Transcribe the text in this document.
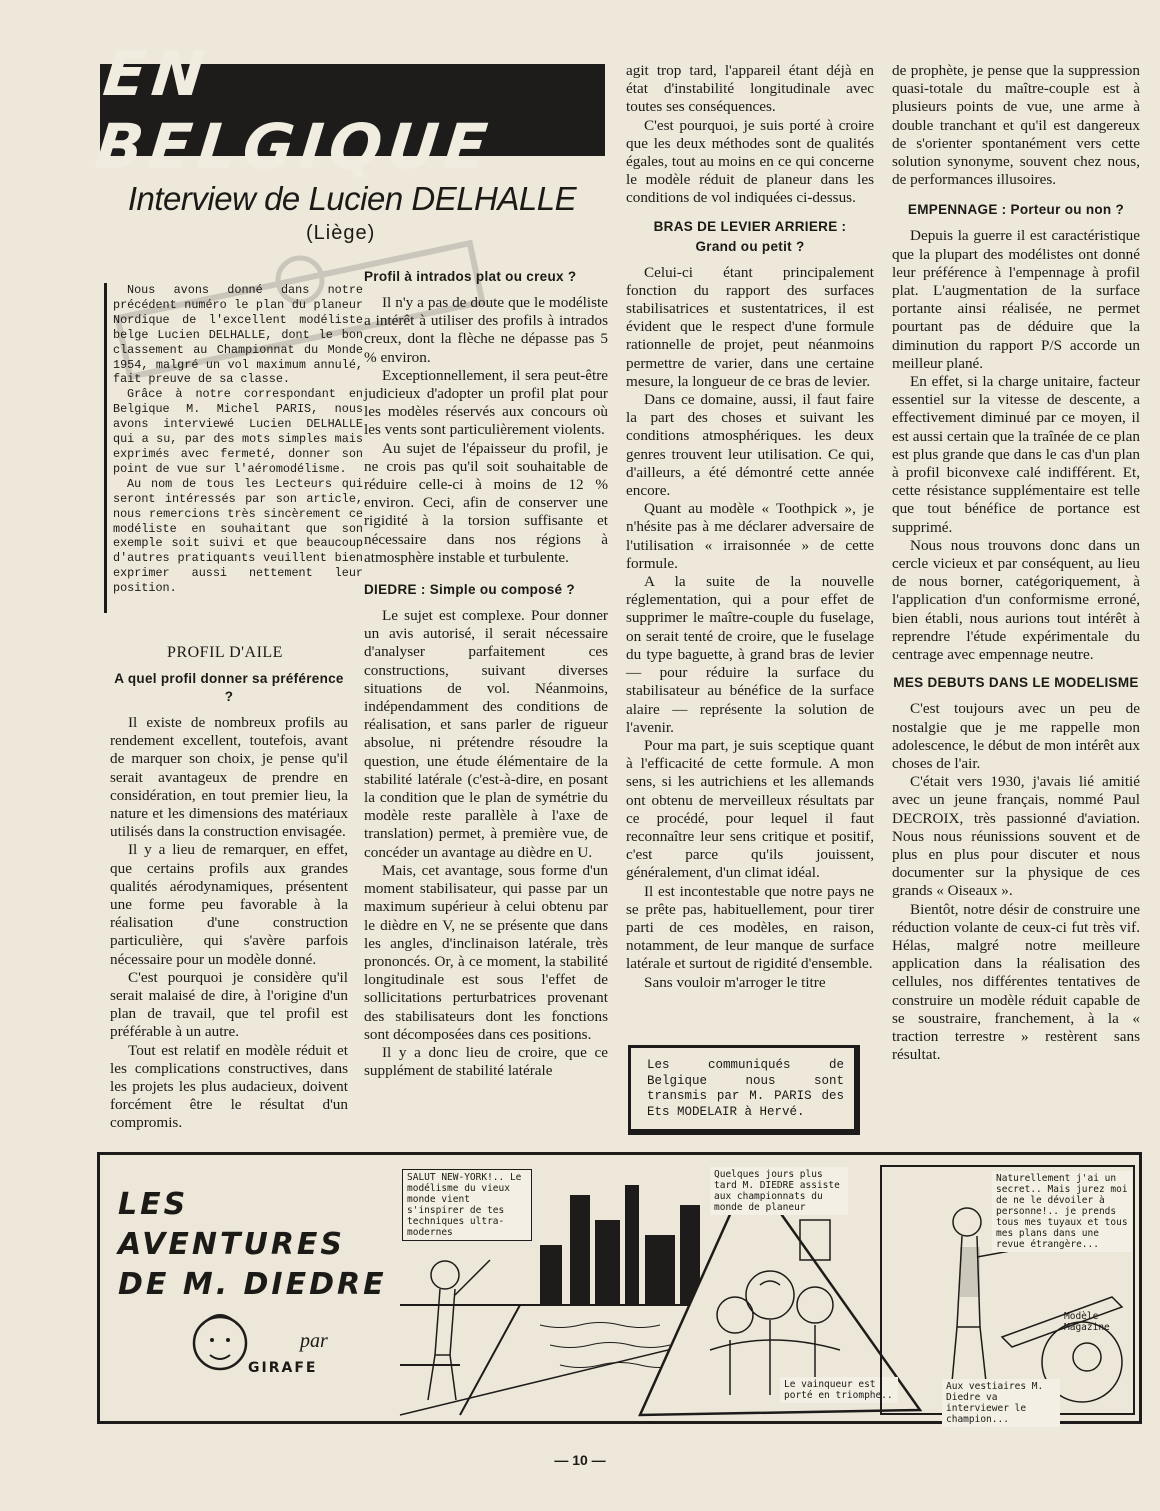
EN BELGIQUE
Interview de Lucien DELHALLE
(Liège)

Nous avons donné dans notre précédent numéro le plan du planeur Nordique de l'excellent modéliste belge Lucien DELHALLE, dont le bon classement au Championnat du Monde 1954, malgré un vol maximum annulé, fait preuve de sa classe.

Grâce à notre correspondant en Belgique M. Michel PARIS, nous avons interviewé Lucien DELHALLE qui a su, par des mots simples mais exprimés avec fermeté, donner son point de vue sur l'aéromodélisme.

Au nom de tous les Lecteurs qui seront intéressés par son article, nous remercions très sincèrement ce modéliste en souhaitant que son exemple soit suivi et que beaucoup d'autres pratiquants veuillent bien exprimer aussi nettement leur position.

PROFIL D'AILE
A quel profil donner sa préférence ?

Il existe de nombreux profils au rendement excellent, toutefois, avant de marquer son choix, je pense qu'il serait avantageux de prendre en considération, en tout premier lieu, la nature et les dimensions des matériaux utilisés dans la construction envisagée.

Il y a lieu de remarquer, en effet, que certains profils aux grandes qualités aérodynamiques, présentent une forme peu favorable à la réalisation d'une construction particulière, qui s'avère parfois nécessaire pour un modèle donné.

C'est pourquoi je considère qu'il serait malaisé de dire, à l'origine d'un plan de travail, que tel profil est préférable à un autre.

Tout est relatif en modèle réduit et les complications constructives, dans les projets les plus audacieux, doivent forcément être le résultat d'un compromis.

Profil à intrados plat ou creux ?

Il n'y a pas de doute que le modéliste a intérêt à utiliser des profils à intrados creux, dont la flèche ne dépasse pas 5 % environ.

Exceptionnellement, il sera peut-être judicieux d'adopter un profil plat pour les modèles réservés aux concours où les vents sont particulièrement violents.

Au sujet de l'épaisseur du profil, je ne crois pas qu'il soit souhaitable de réduire celle-ci à moins de 12 % environ. Ceci, afin de conserver une rigidité à la torsion suffisante et nécessaire dans nos régions à atmosphère instable et turbulente.

DIEDRE : Simple ou composé ?

Le sujet est complexe. Pour donner un avis autorisé, il serait nécessaire d'analyser parfaitement ces constructions, suivant diverses situations de vol. Néanmoins, indépendamment des conditions de réalisation, et sans parler de rigueur absolue, ni prétendre résoudre la question, une étude élémentaire de la stabilité latérale (c'est-à-dire, en posant la condition que le plan de symétrie du modèle reste parallèle à l'axe de translation) permet, à première vue, de concéder un avantage au dièdre en U.

Mais, cet avantage, sous forme d'un moment stabilisateur, qui passe par un maximum supérieur à celui obtenu par le dièdre en V, ne se présente que dans les angles, d'inclinaison latérale, très prononcés. Or, à ce moment, la stabilité longitudinale est sous l'effet de sollicitations perturbatrices provenant des stabilisateurs dont les fonctions sont décomposées dans ces positions.

Il y a donc lieu de croire, que ce supplément de stabilité latérale

agit trop tard, l'appareil étant déjà en état d'instabilité longitudinale avec toutes ses conséquences.

C'est pourquoi, je suis porté à croire que les deux méthodes sont de qualités égales, tout au moins en ce qui concerne le modèle réduit de planeur dans les conditions de vol indiquées ci-dessus.

BRAS DE LEVIER ARRIERE :
Grand ou petit ?

Celui-ci étant principalement fonction du rapport des surfaces stabilisatrices et sustentatrices, il est évident que le respect d'une formule rationnelle de projet, peut néanmoins permettre de varier, dans une certaine mesure, la longueur de ce bras de levier.

Dans ce domaine, aussi, il faut faire la part des choses et suivant les conditions atmosphériques. les deux genres trouvent leur utilisation. Ce qui, d'ailleurs, a été démontré cette année encore.

Quant au modèle « Toothpick », je n'hésite pas à me déclarer adversaire de l'utilisation « irraisonnée » de cette formule.

A la suite de la nouvelle réglementation, qui a pour effet de supprimer le maître-couple du fuselage, on serait tenté de croire, que le fuselage du type baguette, à grand bras de levier — pour réduire la surface du stabilisateur au bénéfice de la surface alaire — représente la solution de l'avenir.

Pour ma part, je suis sceptique quant à l'efficacité de cette formule. A mon sens, si les autrichiens et les allemands ont obtenu de merveilleux résultats par ce procédé, pour lequel il faut reconnaître leur sens critique et positif, c'est parce qu'ils jouissent, généralement, d'un climat idéal.

Il est incontestable que notre pays ne se prête pas, habituellement, pour tirer parti de ces modèles, en raison, notamment, de leur manque de surface latérale et surtout de rigidité d'ensemble.

Sans vouloir m'arroger le titre

Les communiqués de Belgique nous sont transmis par M. PARIS des Ets MODELAIR à Hervé.

de prophète, je pense que la suppression quasi-totale du maître-couple est à plusieurs points de vue, une arme à double tranchant et qu'il est dangereux de s'orienter spontanément vers cette solution synonyme, souvent chez nous, de performances illusoires.

EMPENNAGE : Porteur ou non ?

Depuis la guerre il est caractéristique que la plupart des modélistes ont donné leur préférence à l'empennage à profil plat. L'augmentation de la surface portante ainsi réalisée, ne permet pourtant pas de déduire que la diminution du rapport P/S accorde un meilleur plané.

En effet, si la charge unitaire, facteur essentiel sur la vitesse de descente, a effectivement diminué par ce moyen, il est aussi certain que la traînée de ce plan est plus grande que dans le cas d'un plan à profil biconvexe calé indifférent. Et, cette résistance supplémentaire est telle que tout bénéfice de portance est supprimé.

Nous nous trouvons donc dans un cercle vicieux et par conséquent, au lieu de nous borner, catégoriquement, à l'application d'un conformisme erroné, bien établi, nous aurions tout intérêt à reprendre l'étude expérimentale du centrage avec empennage neutre.

MES DEBUTS DANS LE MODELISME

C'est toujours avec un peu de nostalgie que je me rappelle mon adolescence, le début de mon intérêt aux choses de l'air.

C'était vers 1930, j'avais lié amitié avec un jeune français, nommé Paul DECROIX, très passionné d'aviation. Nous nous réunissions souvent et de plus en plus pour discuter et nous documenter sur la physique de ces grands « Oiseaux ».

Bientôt, notre désir de construire une réduction volante de ceux-ci fut très vif. Hélas, malgré notre meilleure application dans la réalisation des cellules, nos différentes tentatives de construire un modèle réduit capable de se soustraire, franchement, à la « traction terrestre » restèrent sans résultat.

LES AVENTURES
DE M. DIEDRE
par
GIRAFE
SALUT NEW-YORK!.. Le modélisme du vieux monde vient s'inspirer de tes techniques ultra-modernes
Quelques jours plus tard M. DIEDRE assiste aux championnats du monde de planeur
Le vainqueur est porté en triomphe..
Naturellement j'ai un secret.. Mais jurez moi de ne le dévoiler à personne!.. je prends tous mes tuyaux et tous mes plans dans une revue étrangère...
Modèle Magazine
Aux vestiaires M. Diedre va interviewer le champion...
— 10 —
